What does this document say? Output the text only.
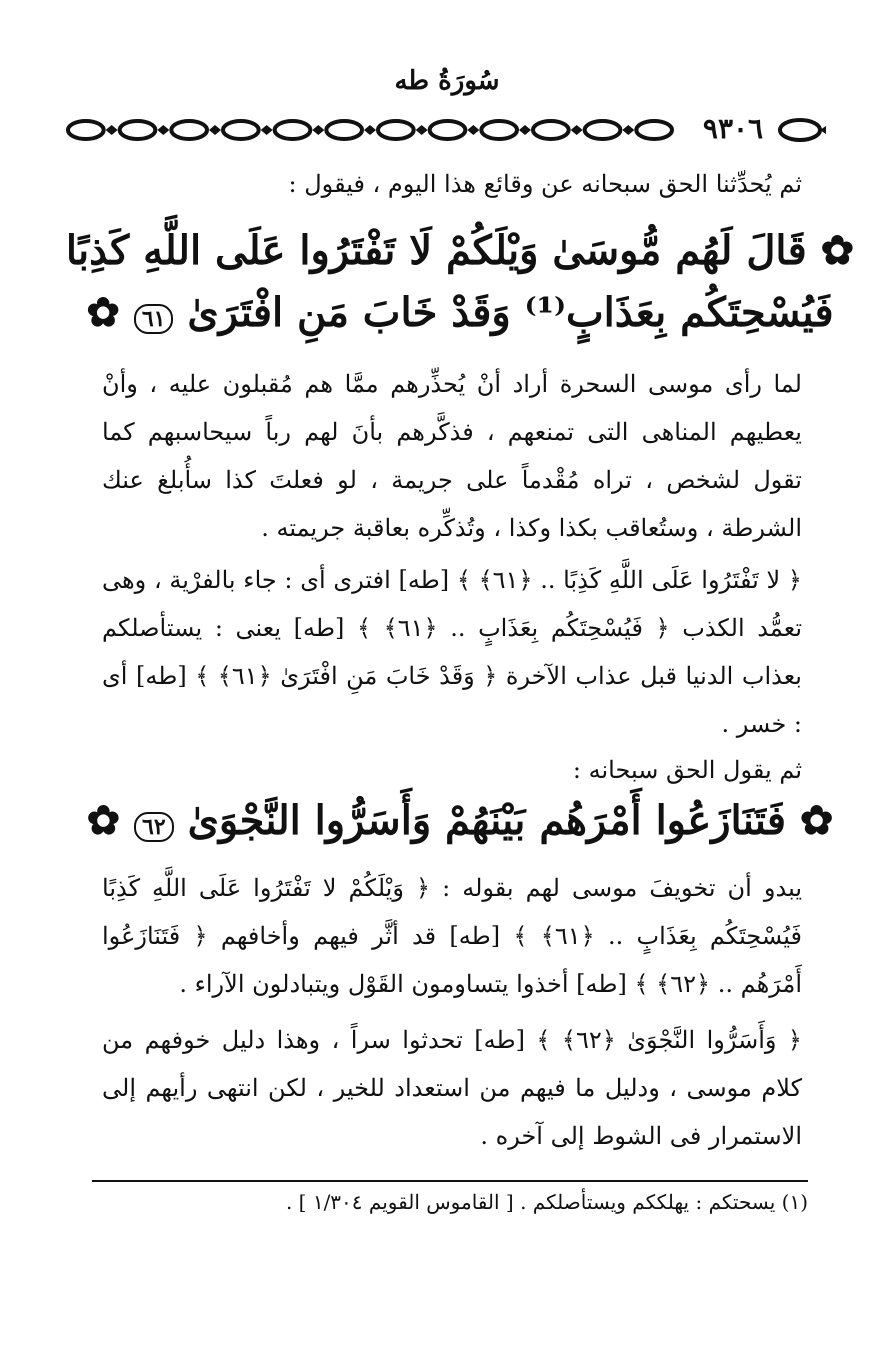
سُورَةُ طه
٩٣٠٦
ثم يُحدِّثنا الحق سبحانه عن وقائع هذا اليوم ، فيقول :
✿ قَالَ لَهُم مُّوسَىٰ وَيْلَكُمْ لَا تَفْتَرُوا عَلَى اللَّهِ كَذِبًا
فَيُسْحِتَكُم بِعَذَابٍ⁽¹⁾ وَقَدْ خَابَ مَنِ افْتَرَىٰ ٦١ ✿
لما رأى موسى السحرة أراد أنْ يُحذِّرهم ممَّا هم مُقبلون عليه ، وأنْ يعطيهم المناهى التى تمنعهم ، فذكَّرهم بأنَ لهم رباً سيحاسبهم كما تقول لشخص ، تراه مُقْدماً على جريمة ، لو فعلتَ كذا سأُبلغ عنك الشرطة ، وستُعاقب بكذا وكذا ، وتُذكِّره بعاقبة جريمته .
﴿ لا تَفْتَرُوا عَلَى اللَّهِ كَذِبًا .. ﴿٦١﴾ ﴾ [طه] افترى أى : جاء بالفرْية ، وهى تعمُّد الكذب ﴿ فَيُسْحِتَكُم بِعَذَابٍ .. ﴿٦١﴾ ﴾ [طه] يعنى : يستأصلكم بعذاب الدنيا قبل عذاب الآخرة ﴿ وَقَدْ خَابَ مَنِ افْتَرَىٰ ﴿٦١﴾ ﴾ [طه] أى : خسر .
ثم يقول الحق سبحانه :
✿ فَتَنَازَعُوا أَمْرَهُم بَيْنَهُمْ وَأَسَرُّوا النَّجْوَىٰ ٦٢ ✿
يبدو أن تخويفَ موسى لهم بقوله : ﴿ وَيْلَكُمْ لا تَفْتَرُوا عَلَى اللَّهِ كَذِبًا فَيُسْحِتَكُم بِعَذَابٍ .. ﴿٦١﴾ ﴾ [طه] قد أثَّر فيهم وأخافهم ﴿ فَتَنَازَعُوا أَمْرَهُم .. ﴿٦٢﴾ ﴾ [طه] أخذوا يتساومون القَوْل ويتبادلون الآراء .
﴿ وَأَسَرُّوا النَّجْوَىٰ ﴿٦٢﴾ ﴾ [طه] تحدثوا سراً ، وهذا دليل خوفهم من كلام موسى ، ودليل ما فيهم من استعداد للخير ، لكن انتهى رأيهم إلى الاستمرار فى الشوط إلى آخره .
(١) يسحتكم : يهلككم ويستأصلكم . [ القاموس القويم ١/٣٠٤ ] .
